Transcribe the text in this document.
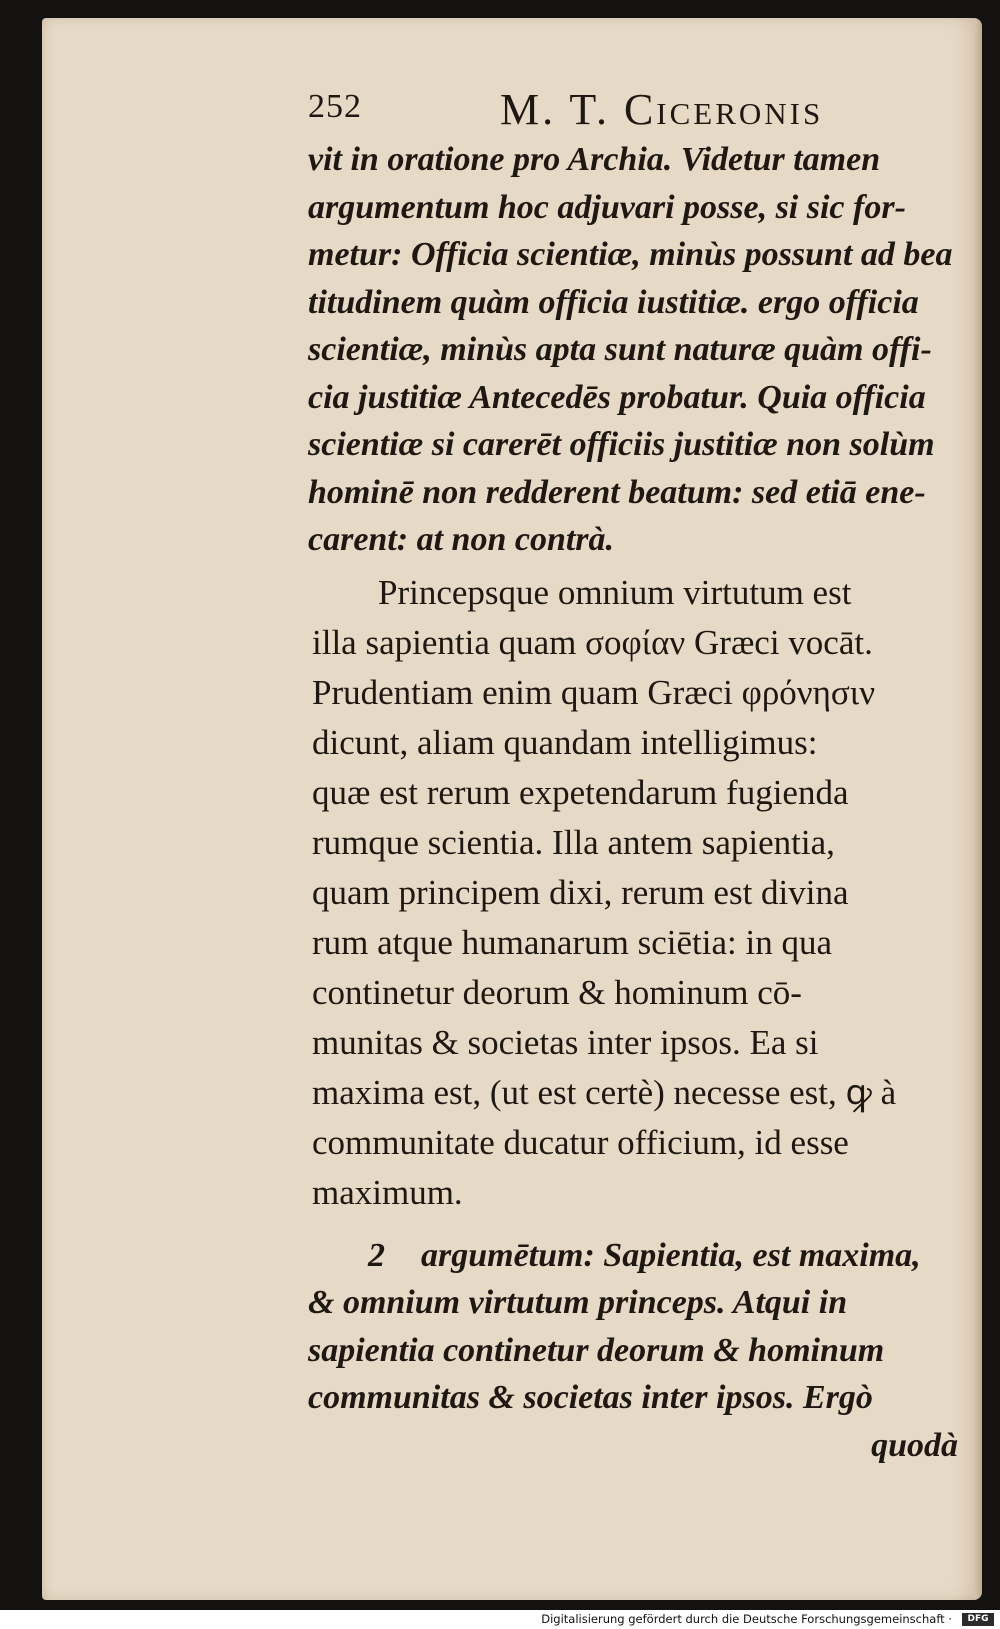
252	M. T. Ciceronis
vit in oratione pro Archia. Videtur tamen
argumentum hoc adjuvari posse, si sic for-
metur: Officia scientiæ, minùs possunt ad bea
titudinem quàm officia iustitiæ. ergo officia
scientiæ, minùs apta sunt naturæ quàm offi-
cia justitiæ Antecedēs probatur. Quia officia
scientiæ si carerēt officiis justitiæ non solùm
hominē non redderent beatum: sed etiā ene-
carent: at non contrà.
Princepsque omnium virtutum est
illa sapientia quam σοφίαν Græci vocāt.
Prudentiam enim quam Græci φρόνησιν
dicunt, aliam quandam intelligimus:
quæ est rerum expetendarum fugienda
rumque scientia. Illa antem sapientia,
quam principem dixi, rerum est divina
rum atque humanarum sciētia: in qua
continetur deorum & hominum cō-
munitas & societas inter ipsos. Ea si
maxima est, (ut est certè) necesse est, ꝙ à
communitate ducatur officium, id esse
maximum.
2 argumētum: Sapientia, est maxima,
& omnium virtutum princeps. Atqui in
sapientia continetur deorum & hominum
communitas & societas inter ipsos. Ergò
quodà
Digitalisierung gefördert durch die Deutsche Forschungsgemeinschaft ·	DFG
